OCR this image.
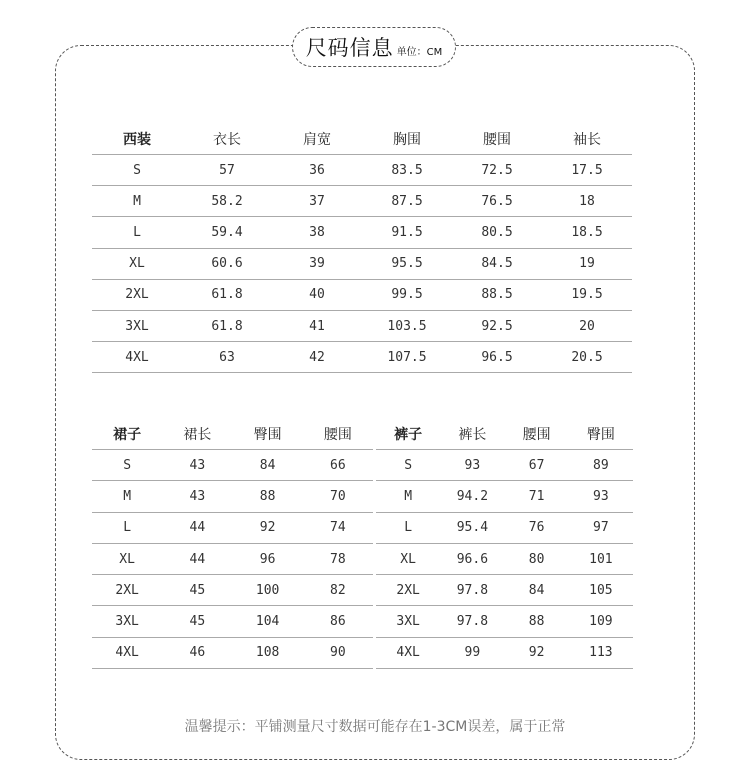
尺码信息 单位：CM
西装	衣长	肩宽	胸围	腰围	袖长
S	57	36	83.5	72.5	17.5
M	58.2	37	87.5	76.5	18
L	59.4	38	91.5	80.5	18.5
XL	60.6	39	95.5	84.5	19
2XL	61.8	40	99.5	88.5	19.5
3XL	61.8	41	103.5	92.5	20
4XL	63	42	107.5	96.5	20.5
裙子	裙长	臀围	腰围
S	43	84	66
M	43	88	70
L	44	92	74
XL	44	96	78
2XL	45	100	82
3XL	45	104	86
4XL	46	108	90
裤子	裤长	腰围	臀围
S	93	67	89
M	94.2	71	93
L	95.4	76	97
XL	96.6	80	101
2XL	97.8	84	105
3XL	97.8	88	109
4XL	99	92	113
温馨提示：平铺测量尺寸数据可能存在1-3CM误差，属于正常
